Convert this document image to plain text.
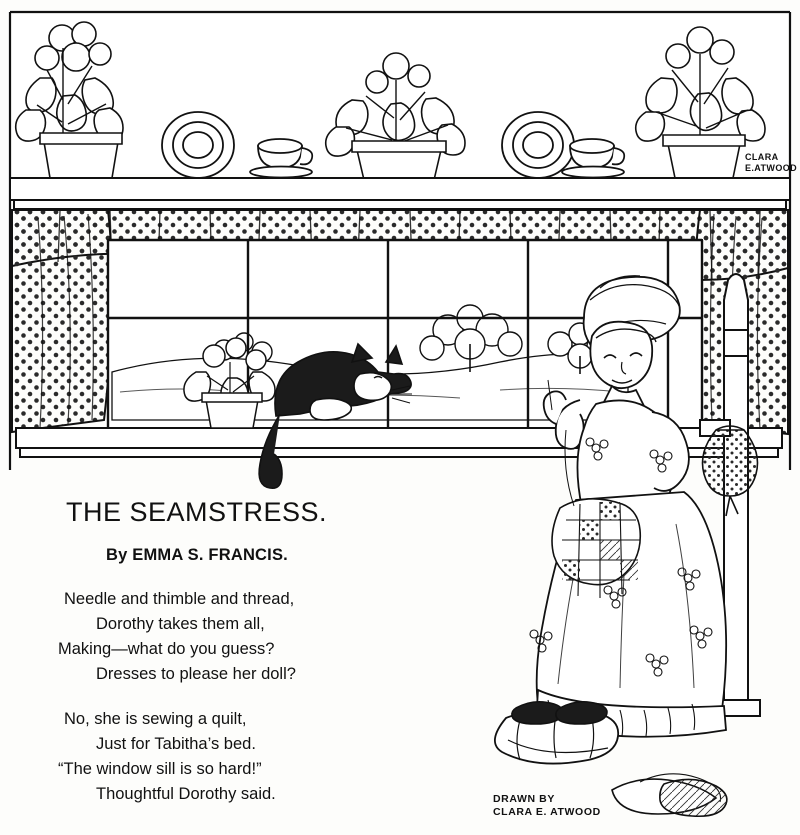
THE SEAMSTRESS.
By EMMA S. FRANCIS.
Needle and thimble and thread,
Dorothy takes them all,
Making—what do you guess?
Dresses to please her doll?
No, she is sewing a quilt,
Just for Tabitha’s bed.
“The window sill is so hard!”
Thoughtful Dorothy said.	DRAWN BY
CLARA E. ATWOOD
CLARA
E.ATWOOD
